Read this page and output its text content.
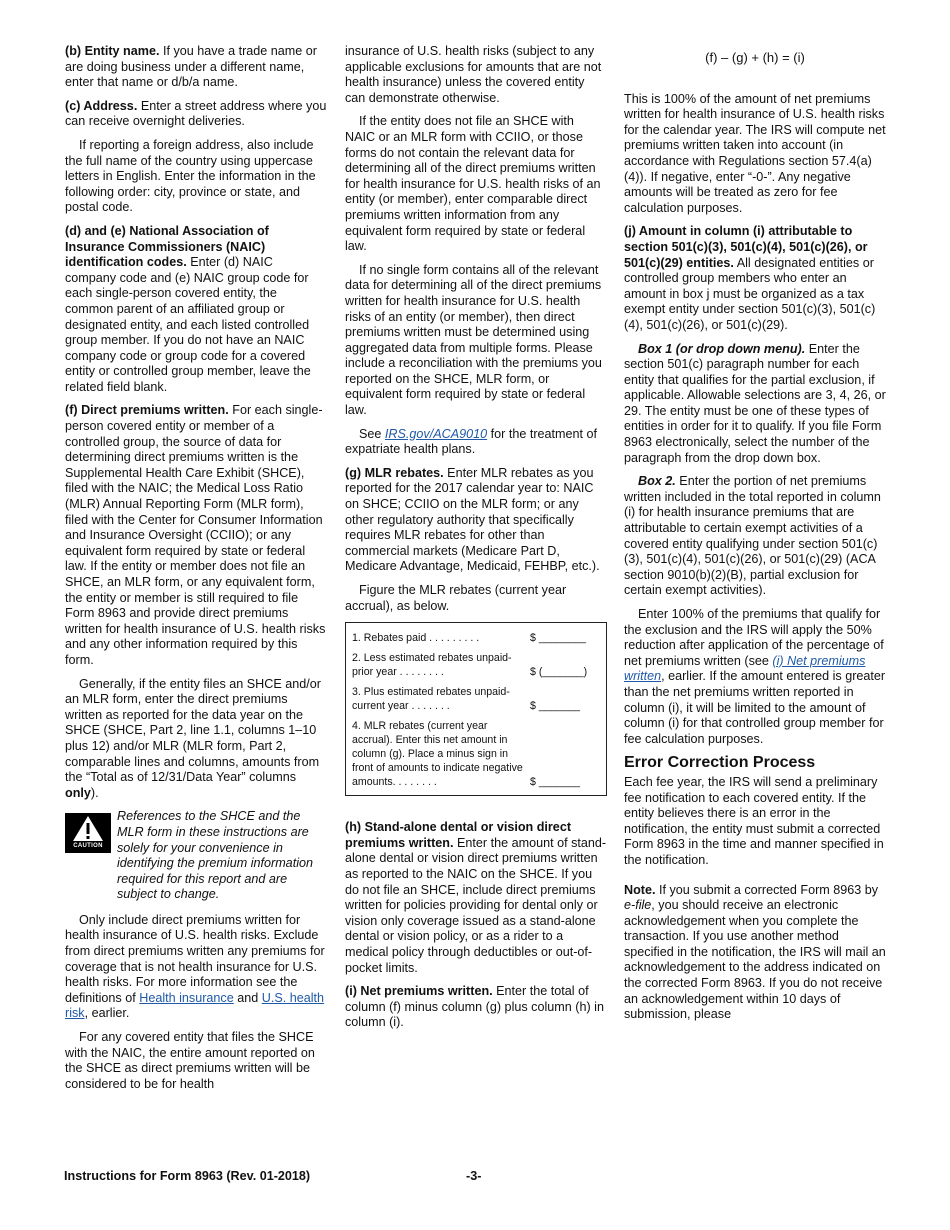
(b) Entity name. If you have a trade name or are doing business under a different name, enter that name or d/b/a name.

(c) Address. Enter a street address where you can receive overnight deliveries.

If reporting a foreign address, also include the full name of the country using uppercase letters in English. Enter the information in the following order: city, province or state, and postal code.

(d) and (e) National Association of Insurance Commissioners (NAIC) identification codes. Enter (d) NAIC company code and (e) NAIC group code for each single-person covered entity, the common parent of an affiliated group or designated entity, and each listed controlled group member. If you do not have an NAIC company code or group code for a covered entity or controlled group member, leave the related field blank.

(f) Direct premiums written. For each single-person covered entity or member of a controlled group, the source of data for determining direct premiums written is the Supplemental Health Care Exhibit (SHCE), filed with the NAIC; the Medical Loss Ratio (MLR) Annual Reporting Form (MLR form), filed with the Center for Consumer Information and Insurance Oversight (CCIIO); or any equivalent form required by state or federal law. If the entity or member does not file an SHCE, an MLR form, or any equivalent form, the entity or member is still required to file Form 8963 and provide direct premiums written for health insurance of U.S. health risks and any other information required by this form.

Generally, if the entity files an SHCE and/or an MLR form, enter the direct premiums written as reported for the data year on the SHCE (SHCE, Part 2, line 1.1, columns 1–10 plus 12) and/or MLR (MLR form, Part 2, comparable lines and columns, amounts from the “Total as of 12/31/Data Year” columns only).

CAUTION
References to the SHCE and the MLR form in these instructions are solely for your convenience in identifying the premium information required for this report and are subject to change.

Only include direct premiums written for health insurance of U.S. health risks. Exclude from direct premiums written any premiums for coverage that is not health insurance for U.S. health risks. For more information see the definitions of Health insurance and U.S. health risk, earlier.

For any covered entity that files the SHCE with the NAIC, the entire amount reported on the SHCE as direct premiums written will be considered to be for health

insurance of U.S. health risks (subject to any applicable exclusions for amounts that are not health insurance) unless the covered entity can demonstrate otherwise.

If the entity does not file an SHCE with NAIC or an MLR form with CCIIO, or those forms do not contain the relevant data for determining all of the direct premiums written for health insurance for U.S. health risks of an entity (or member), enter comparable direct premiums written information from any equivalent form required by state or federal law.

If no single form contains all of the relevant data for determining all of the direct premiums written for health insurance for U.S. health risks of an entity (or member), then direct premiums written must be determined using aggregated data from multiple forms. Please include a reconciliation with the premiums you reported on the SHCE, MLR form, or equivalent form required by state or federal law.

See IRS.gov/ACA9010 for the treatment of expatriate health plans.

(g) MLR rebates. Enter MLR rebates as you reported for the 2017 calendar year to: NAIC on SHCE; CCIIO on the MLR form; or any other regulatory authority that specifically requires MLR rebates for other than commercial markets (Medicare Part D, Medicare Advantage, Medicaid, FEHBP, etc.).

Figure the MLR rebates (current year accrual), as below.

1. Rebates paid . . . . . . . . .	$ ________
2. Less estimated rebates unpaid-prior year . . . . . . . .	$ (_______)
3. Plus estimated rebates unpaid-current year . . . . . . .	$ _______
4. MLR rebates (current year accrual). Enter this net amount in column (g). Place a minus sign in front of amounts to indicate negative amounts. . . . . . . .	$ _______

(h) Stand-alone dental or vision direct premiums written. Enter the amount of stand-alone dental or vision direct premiums written as reported to the NAIC on the SHCE. If you do not file an SHCE, include direct premiums written for policies providing for dental only or vision only coverage issued as a stand-alone dental or vision policy, or as a rider to a medical policy through deductibles or out-of-pocket limits.

(i) Net premiums written. Enter the total of column (f) minus column (g) plus column (h) in column (i).

(f) – (g) + (h) = (i)

This is 100% of the amount of net premiums written for health insurance of U.S. health risks for the calendar year. The IRS will compute net premiums written taken into account (in accordance with Regulations section 57.4(a)(4)). If negative, enter “-0-”. Any negative amounts will be treated as zero for fee calculation purposes.

(j) Amount in column (i) attributable to section 501(c)(3), 501(c)(4), 501(c)(26), or 501(c)(29) entities. All designated entities or controlled group members who enter an amount in box j must be organized as a tax exempt entity under section 501(c)(3), 501(c)(4), 501(c)(26), or 501(c)(29).

Box 1 (or drop down menu). Enter the section 501(c) paragraph number for each entity that qualifies for the partial exclusion, if applicable. Allowable selections are 3, 4, 26, or 29. The entity must be one of these types of entities in order for it to qualify. If you file Form 8963 electronically, select the number of the paragraph from the drop down box.

Box 2. Enter the portion of net premiums written included in the total reported in column (i) for health insurance premiums that are attributable to certain exempt activities of a covered entity qualifying under section 501(c)(3), 501(c)(4), 501(c)(26), or 501(c)(29) (ACA section 9010(b)(2)(B), partial exclusion for certain exempt activities).

Enter 100% of the premiums that qualify for the exclusion and the IRS will apply the 50% reduction after application of the percentage of net premiums written (see (i) Net premiums written, earlier. If the amount entered is greater than the net premiums written reported in column (i), it will be limited to the amount of column (i) for that controlled group member for fee calculation purposes.

Error Correction Process

Each fee year, the IRS will send a preliminary fee notification to each covered entity. If the entity believes there is an error in the notification, the entity must submit a corrected Form 8963 in the time and manner specified in the notification.

Note. If you submit a corrected Form 8963 by e-file, you should receive an electronic acknowledgement when you complete the transaction. If you use another method specified in the notification, the IRS will mail an acknowledgement to the address indicated on the corrected Form 8963. If you do not receive an acknowledgement within 10 days of submission, please

Instructions for Form 8963 (Rev. 01-2018)	-3-
